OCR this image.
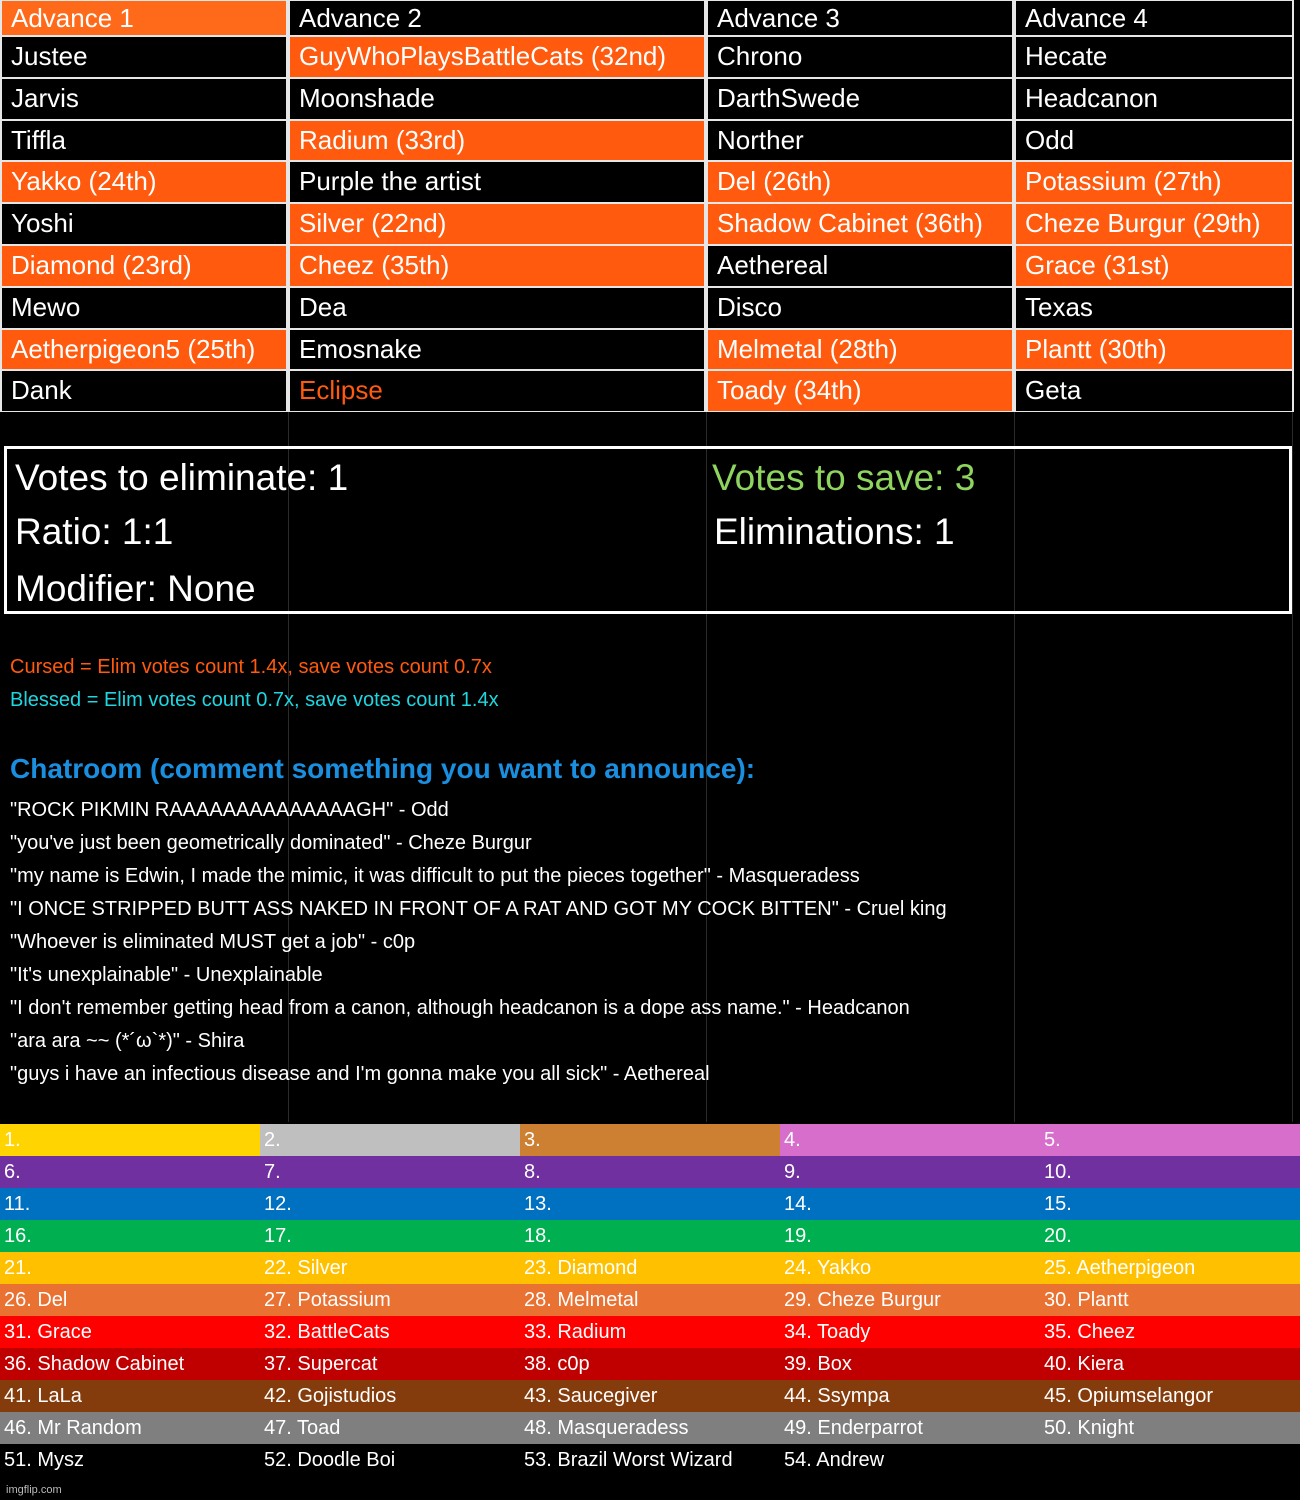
Advance 1	Advance 2	Advance 3	Advance 4
Justee	GuyWhoPlaysBattleCats (32nd)	Chrono	Hecate
Jarvis	Moonshade	DarthSwede	Headcanon
Tiffla	Radium (33rd)	Norther	Odd
Yakko (24th)	Purple the artist	Del (26th)	Potassium (27th)
Yoshi	Silver (22nd)	Shadow Cabinet (36th)	Cheze Burgur (29th)
Diamond (23rd)	Cheez (35th)	Aethereal	Grace (31st)
Mewo	Dea	Disco	Texas
Aetherpigeon5 (25th)	Emosnake	Melmetal (28th)	Plantt (30th)
Dank	Eclipse	Toady (34th)	Geta
Votes to eliminate: 1	Votes to save: 3
Ratio: 1:1	Eliminations: 1
Modifier: None
Cursed = Elim votes count 1.4x, save votes count 0.7x
Blessed = Elim votes count 0.7x, save votes count 1.4x
Chatroom (comment something you want to announce):
"ROCK PIKMIN RAAAAAAAAAAAAAAGH" - Odd
"you've just been geometrically dominated" - Cheze Burgur
"my name is Edwin, I made the mimic, it was difficult to put the pieces together" - Masqueradess
"I ONCE STRIPPED BUTT ASS NAKED IN FRONT OF A RAT AND GOT MY COCK BITTEN" - Cruel king
"Whoever is eliminated MUST get a job" - c0p
"It's unexplainable" - Unexplainable
"I don't remember getting head from a canon, although headcanon is a dope ass name." - Headcanon
"ara ara ~~ (*´ω`*)" - Shira
"guys i have an infectious disease and I'm gonna make you all sick" - Aethereal
1.	2.	3.	4.	5.
6.	7.	8.	9.	10.
11.	12.	13.	14.	15.
16.	17.	18.	19.	20.
21.	22. Silver	23. Diamond	24. Yakko	25. Aetherpigeon
26. Del	27. Potassium	28. Melmetal	29. Cheze Burgur	30. Plantt
31. Grace	32. BattleCats	33. Radium	34. Toady	35. Cheez
36. Shadow Cabinet	37. Supercat	38. c0p	39. Box	40. Kiera
41. LaLa	42. Gojistudios	43. Saucegiver	44. Ssympa	45. Opiumselangor
46. Mr Random	47. Toad	48. Masqueradess	49. Enderparrot	50. Knight
51. Mysz	52. Doodle Boi	53. Brazil Worst Wizard	54. Andrew
imgflip.com
